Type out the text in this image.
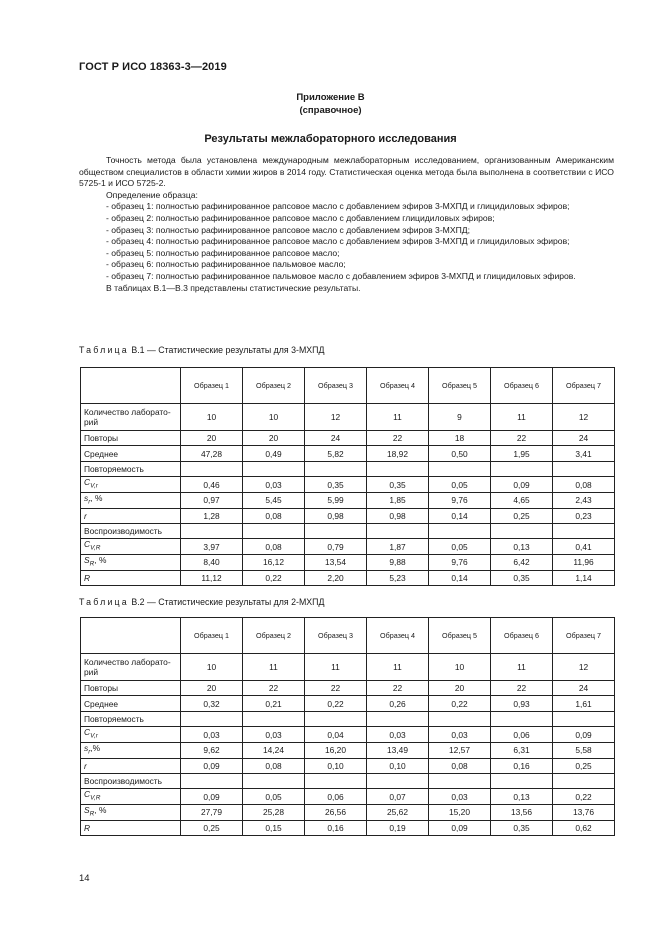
ГОСТ Р ИСО 18363-3—2019
Приложение В
(справочное)
Результаты межлабораторного исследования

Точность метода была установлена международным межлабораторным исследованием, организованным Американским обществом специалистов в области химии жиров в 2014 году. Статистическая оценка метода была выполнена в соответствии с ИСО 5725-1 и ИСО 5725-2.

Определение образца:

- образец 1: полностью рафинированное рапсовое масло с добавлением эфиров 3-МХПД и глицидиловых эфиров;

- образец 2: полностью рафинированное рапсовое масло с добавлением глицидиловых эфиров;

- образец 3: полностью рафинированное рапсовое масло с добавлением эфиров 3-МХПД;

- образец 4: полностью рафинированное рапсовое масло с добавлением эфиров 3-МХПД и глицидиловых эфиров;

- образец 5: полностью рафинированное рапсовое масло;

- образец 6: полностью рафинированное пальмовое масло;

- образец 7: полностью рафинированное пальмовое масло с добавлением эфиров 3-МХПД и глицидиловых эфиров.

В таблицах В.1—В.3 представлены статистические результаты.

Таблица В.1 — Статистические результаты для 3-МХПД
	Образец 1	Образец 2	Образец 3	Образец 4	Образец 5	Образец 6	Образец 7
Количество лабораторий	10	10	12	11	9	11	12
Повторы	20	20	24	22	18	22	24
Среднее	47,28	0,49	5,82	18,92	0,50	1,95	3,41
Повторяемость							
$C_{V,r}$	0,46	0,03	0,35	0,35	0,05	0,09	0,08
$s_r$, %	0,97	5,45	5,99	1,85	9,76	4,65	2,43
r	1,28	0,08	0,98	0,98	0,14	0,25	0,23
Воспроизводимость							
$C_{V,R}$	3,97	0,08	0,79	1,87	0,05	0,13	0,41
$S_R$, %	8,40	16,12	13,54	9,88	9,76	6,42	11,96
R	11,12	0,22	2,20	5,23	0,14	0,35	1,14
Таблица В.2 — Статистические результаты для 2-МХПД
	Образец 1	Образец 2	Образец 3	Образец 4	Образец 5	Образец 6	Образец 7
Количество лабораторий	10	11	11	11	10	11	12
Повторы	20	22	22	22	20	22	24
Среднее	0,32	0,21	0,22	0,26	0,22	0,93	1,61
Повторяемость							
$C_{V,r}$	0,03	0,03	0,04	0,03	0,03	0,06	0,09
$s_r,\%$	9,62	14,24	16,20	13,49	12,57	6,31	5,58
r	0,09	0,08	0,10	0,10	0,08	0,16	0,25
Воспроизводимость							
$C_{V,R}$	0,09	0,05	0,06	0,07	0,03	0,13	0,22
$S_R$, %	27,79	25,28	26,56	25,62	15,20	13,56	13,76
R	0,25	0,15	0,16	0,19	0,09	0,35	0,62
14
